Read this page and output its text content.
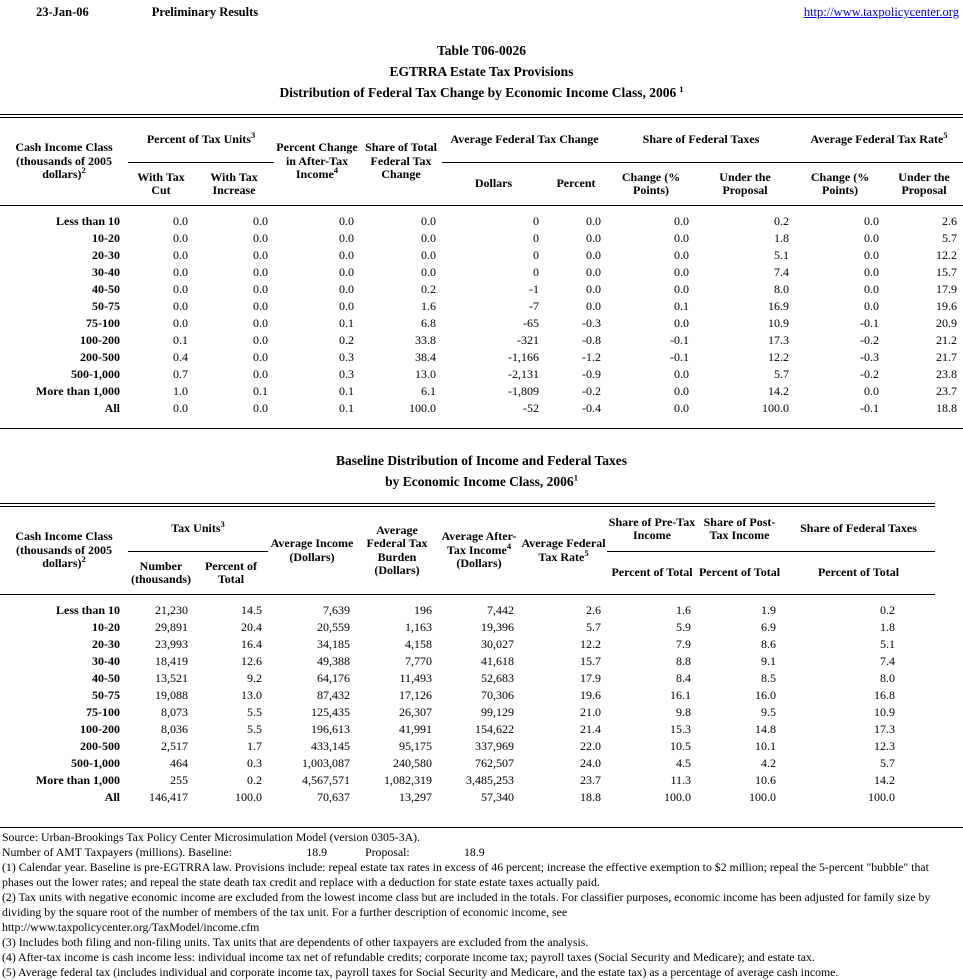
23-Jan-06	Preliminary Results	http://www.taxpolicycenter.org
Table T06-0026
EGTRRA Estate Tax Provisions
Distribution of Federal Tax Change by Economic Income Class, 2006 $^1$
Cash Income Class (thousands of 2005 dollars)$^2$	Percent of Tax Units$^3$		Percent Change in After-Tax Income$^4$	Share of Total Federal Tax Change	Average Federal Tax Change		Share of Federal Taxes		Average Federal Tax Rate$^5$
	With Tax Cut	With Tax Increase			Dollars	Percent	Change (% Points)	Under the Proposal	Change (% Points)	Under the Proposal
Less than 10	0.0	0.0	0.0	0.0	0	0.0	0.0	0.2	0.0	2.6
10-20	0.0	0.0	0.0	0.0	0	0.0	0.0	1.8	0.0	5.7
20-30	0.0	0.0	0.0	0.0	0	0.0	0.0	5.1	0.0	12.2
30-40	0.0	0.0	0.0	0.0	0	0.0	0.0	7.4	0.0	15.7
40-50	0.0	0.0	0.0	0.2	-1	0.0	0.0	8.0	0.0	17.9
50-75	0.0	0.0	0.0	1.6	-7	0.0	0.1	16.9	0.0	19.6
75-100	0.0	0.0	0.1	6.8	-65	-0.3	0.0	10.9	-0.1	20.9
100-200	0.1	0.0	0.2	33.8	-321	-0.8	-0.1	17.3	-0.2	21.2
200-500	0.4	0.0	0.3	38.4	-1,166	-1.2	-0.1	12.2	-0.3	21.7
500-1,000	0.7	0.0	0.3	13.0	-2,131	-0.9	0.0	5.7	-0.2	23.8
More than 1,000	1.0	0.1	0.1	6.1	-1,809	-0.2	0.0	14.2	0.0	23.7
All	0.0	0.0	0.1	100.0	-52	-0.4	0.0	100.0	-0.1	18.8
Baseline Distribution of Income and Federal Taxes
by Economic Income Class, 2006$^1$
Cash Income Class (thousands of 2005 dollars)$^2$	Tax Units$^3$		Average Income (Dollars)	Average Federal Tax Burden (Dollars)	Average After-Tax Income$^4$ (Dollars)	Average Federal Tax Rate$^5$	Share of Pre-Tax Income	Share of Post-Tax Income	Share of Federal Taxes
	Number (thousands)	Percent of Total					Percent of Total	Percent of Total	Percent of Total
Less than 10	21,230	14.5	7,639	196	7,442	2.6	1.6	1.9	0.2
10-20	29,891	20.4	20,559	1,163	19,396	5.7	5.9	6.9	1.8
20-30	23,993	16.4	34,185	4,158	30,027	12.2	7.9	8.6	5.1
30-40	18,419	12.6	49,388	7,770	41,618	15.7	8.8	9.1	7.4
40-50	13,521	9.2	64,176	11,493	52,683	17.9	8.4	8.5	8.0
50-75	19,088	13.0	87,432	17,126	70,306	19.6	16.1	16.0	16.8
75-100	8,073	5.5	125,435	26,307	99,129	21.0	9.8	9.5	10.9
100-200	8,036	5.5	196,613	41,991	154,622	21.4	15.3	14.8	17.3
200-500	2,517	1.7	433,145	95,175	337,969	22.0	10.5	10.1	12.3
500-1,000	464	0.3	1,003,087	240,580	762,507	24.0	4.5	4.2	5.7
More than 1,000	255	0.2	4,567,571	1,082,319	3,485,253	23.7	11.3	10.6	14.2
All	146,417	100.0	70,637	13,297	57,340	18.8	100.0	100.0	100.0
Source: Urban-Brookings Tax Policy Center Microsimulation Model (version 0305-3A).
Number of AMT Taxpayers (millions). Baseline:	18.9	Proposal:	18.9
(1) Calendar year. Baseline is pre-EGTRRA law. Provisions include: repeal estate tax rates in excess of 46 percent; increase the effective exemption to $2 million; repeal the 5-percent "bubble" that phases out the lower rates; and repeal the state death tax credit and replace with a deduction for state estate taxes actually paid.
(2) Tax units with negative economic income are excluded from the lowest income class but are included in the totals. For classifier purposes, economic income has been adjusted for family size by dividing by the square root of the number of members of the tax unit. For a further description of economic income, see
http://www.taxpolicycenter.org/TaxModel/income.cfm
(3) Includes both filing and non-filing units. Tax units that are dependents of other taxpayers are excluded from the analysis.
(4) After-tax income is cash income less: individual income tax net of refundable credits; corporate income tax; payroll taxes (Social Security and Medicare); and estate tax.
(5) Average federal tax (includes individual and corporate income tax, payroll taxes for Social Security and Medicare, and the estate tax) as a percentage of average cash income.
